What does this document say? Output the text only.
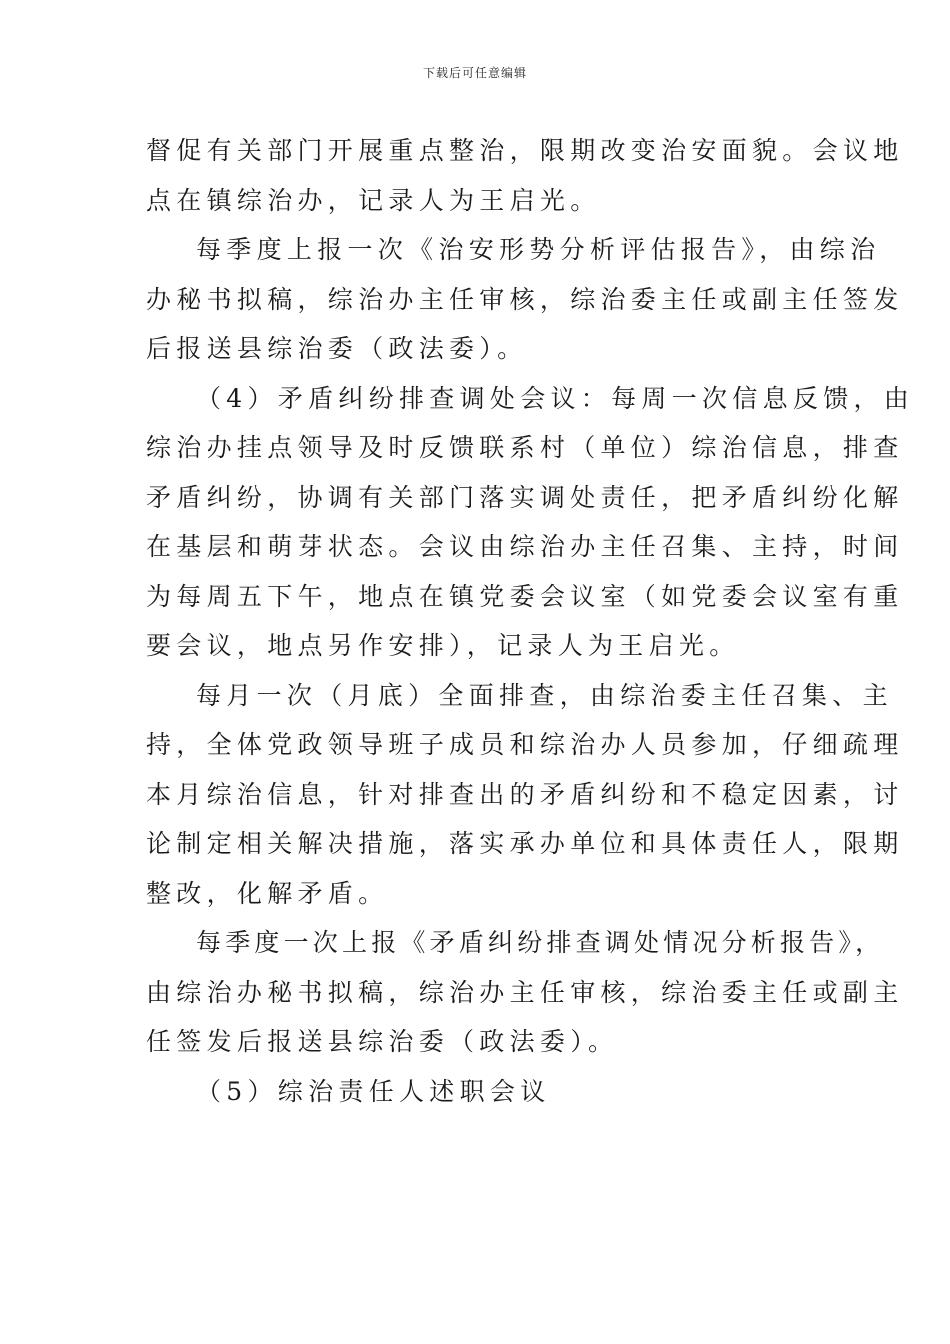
下载后可任意编辑
督促有关部门开展重点整治，限期改变治安面貌。会议地
点在镇综治办，记录人为王启光。
每季度上报一次《治安形势分析评估报告》，由综治
办秘书拟稿，综治办主任审核，综治委主任或副主任签发
后报送县综治委（政法委）。
（4）矛盾纠纷排查调处会议：每周一次信息反馈，由
综治办挂点领导及时反馈联系村（单位）综治信息，排查
矛盾纠纷，协调有关部门落实调处责任，把矛盾纠纷化解
在基层和萌芽状态。会议由综治办主任召集、主持，时间
为每周五下午，地点在镇党委会议室（如党委会议室有重
要会议，地点另作安排），记录人为王启光。
每月一次（月底）全面排查，由综治委主任召集、主
持，全体党政领导班子成员和综治办人员参加，仔细疏理
本月综治信息，针对排查出的矛盾纠纷和不稳定因素，讨
论制定相关解决措施，落实承办单位和具体责任人，限期
整改，化解矛盾。
每季度一次上报《矛盾纠纷排查调处情况分析报告》，
由综治办秘书拟稿，综治办主任审核，综治委主任或副主
任签发后报送县综治委（政法委）。
（5）综治责任人述职会议
